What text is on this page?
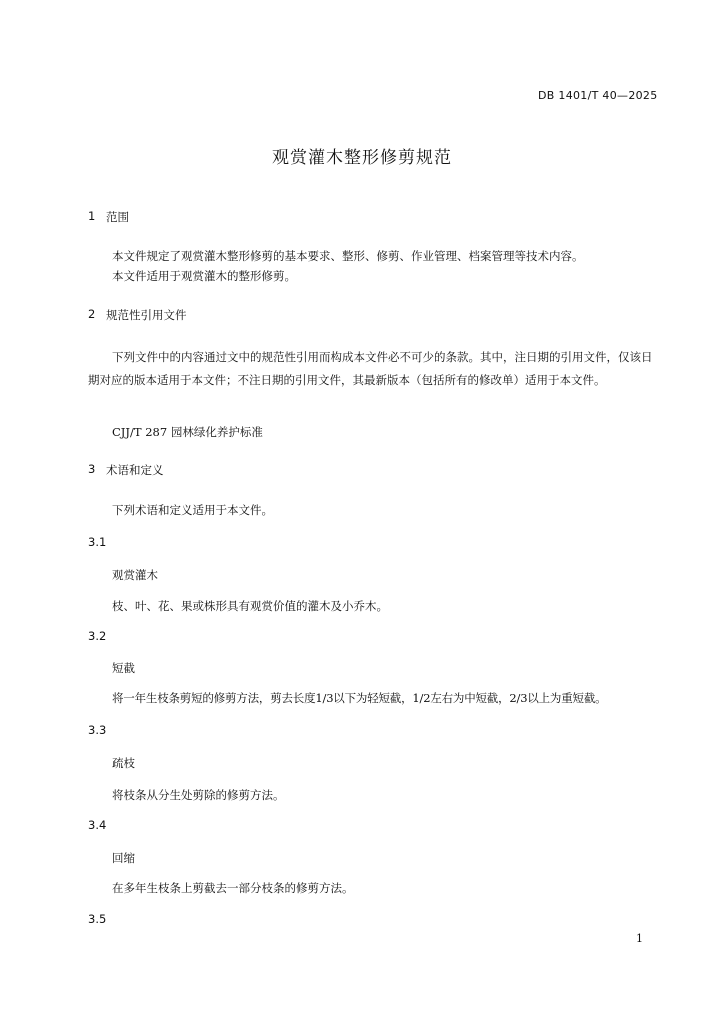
DB 1401/T 40—2025
观赏灌木整形修剪规范
1 范围
本文件规定了观赏灌木整形修剪的基本要求、整形、修剪、作业管理、档案管理等技术内容。
本文件适用于观赏灌木的整形修剪。
2 规范性引用文件
下列文件中的内容通过文中的规范性引用而构成本文件必不可少的条款。其中，注日期的引用文件，仅该日期对应的版本适用于本文件；不注日期的引用文件，其最新版本（包括所有的修改单）适用于本文件。
CJJ/T 287 园林绿化养护标准
3 术语和定义
下列术语和定义适用于本文件。
3.1
观赏灌木
枝、叶、花、果或株形具有观赏价值的灌木及小乔木。
3.2
短截
将一年生枝条剪短的修剪方法，剪去长度1/3以下为轻短截，1/2左右为中短截，2/3以上为重短截。
3.3
疏枝
将枝条从分生处剪除的修剪方法。
3.4
回缩
在多年生枝条上剪截去一部分枝条的修剪方法。
3.5
1
